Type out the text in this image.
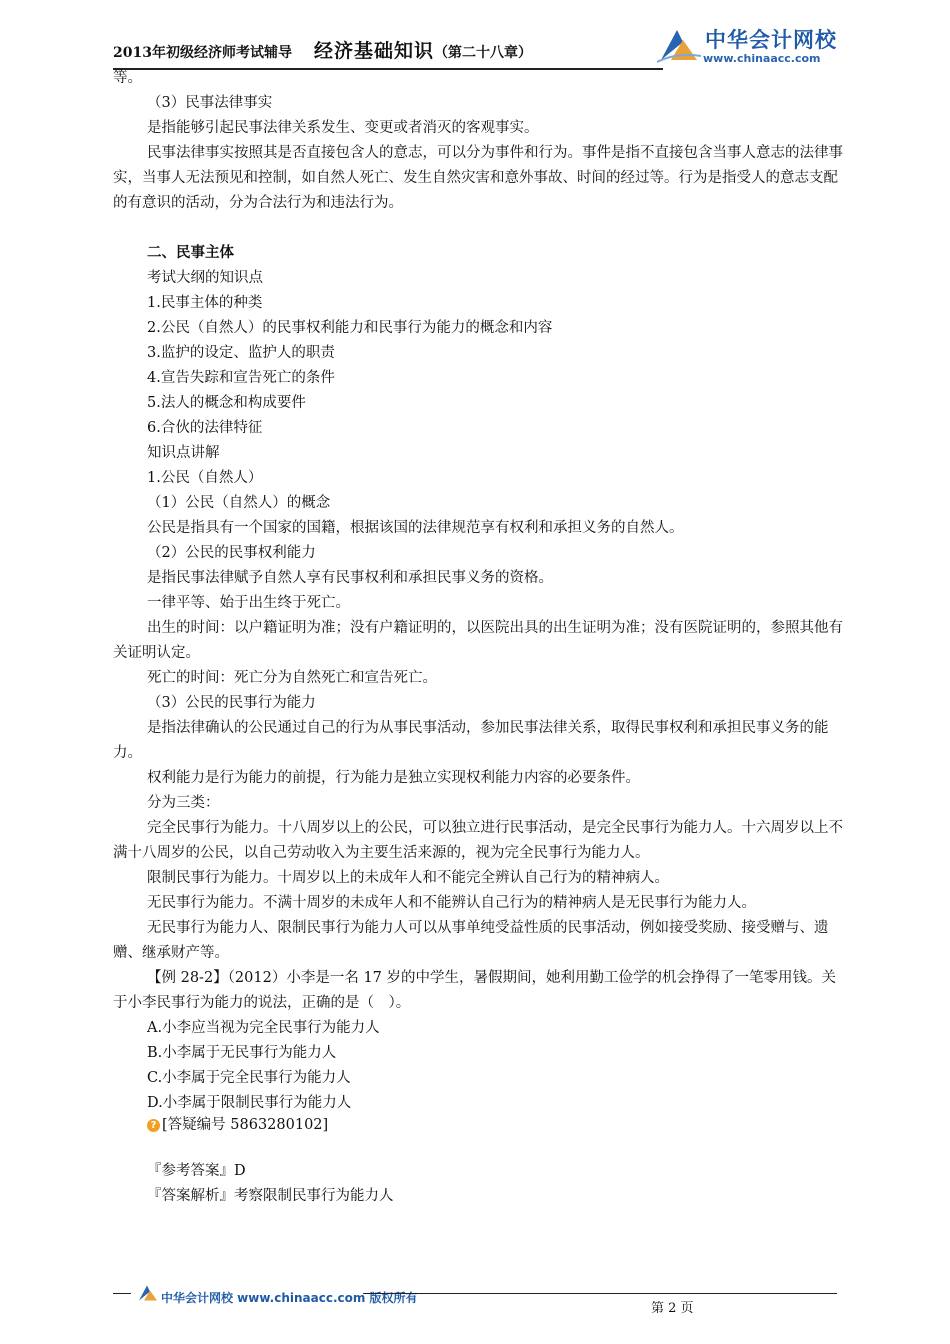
2013年初级经济师考试辅导 经济基础知识（第二十八章）
中华会计网校
www.chinaacc.com

等。

（3）民事法律事实

是指能够引起民事法律关系发生、变更或者消灭的客观事实。

民事法律事实按照其是否直接包含人的意志，可以分为事件和行为。事件是指不直接包含当事人意志的法律事实，当事人无法预见和控制，如自然人死亡、发生自然灾害和意外事故、时间的经过等。行为是指受人的意志支配的有意识的活动，分为合法行为和违法行为。

二、民事主体

考试大纲的知识点

1.民事主体的种类

2.公民（自然人）的民事权利能力和民事行为能力的概念和内容

3.监护的设定、监护人的职责

4.宣告失踪和宣告死亡的条件

5.法人的概念和构成要件

6.合伙的法律特征

知识点讲解

1.公民（自然人）

（1）公民（自然人）的概念

公民是指具有一个国家的国籍，根据该国的法律规范享有权利和承担义务的自然人。

（2）公民的民事权利能力

是指民事法律赋予自然人享有民事权利和承担民事义务的资格。

一律平等、始于出生终于死亡。

出生的时间：以户籍证明为准；没有户籍证明的，以医院出具的出生证明为准；没有医院证明的，参照其他有关证明认定。

死亡的时间：死亡分为自然死亡和宣告死亡。

（3）公民的民事行为能力

是指法律确认的公民通过自己的行为从事民事活动，参加民事法律关系，取得民事权利和承担民事义务的能力。

权利能力是行为能力的前提，行为能力是独立实现权利能力内容的必要条件。

分为三类：

完全民事行为能力。十八周岁以上的公民，可以独立进行民事活动，是完全民事行为能力人。十六周岁以上不满十八周岁的公民，以自己劳动收入为主要生活来源的，视为完全民事行为能力人。

限制民事行为能力。十周岁以上的未成年人和不能完全辨认自己行为的精神病人。

无民事行为能力。不满十周岁的未成年人和不能辨认自己行为的精神病人是无民事行为能力人。

无民事行为能力人、限制民事行为能力人可以从事单纯受益性质的民事活动，例如接受奖励、接受赠与、遗赠、继承财产等。

【例 28-2】（2012）小李是一名 17 岁的中学生，暑假期间，她利用勤工俭学的机会挣得了一笔零用钱。关于小李民事行为能力的说法，正确的是（　）。

A.小李应当视为完全民事行为能力人

B.小李属于无民事行为能力人

C.小李属于完全民事行为能力人

D.小李属于限制民事行为能力人

? [答疑编号 5863280102]

『参考答案』D

『答案解析』考察限制民事行为能力人

中华会计网校 www.chinaacc.com 版权所有
第 2 页
